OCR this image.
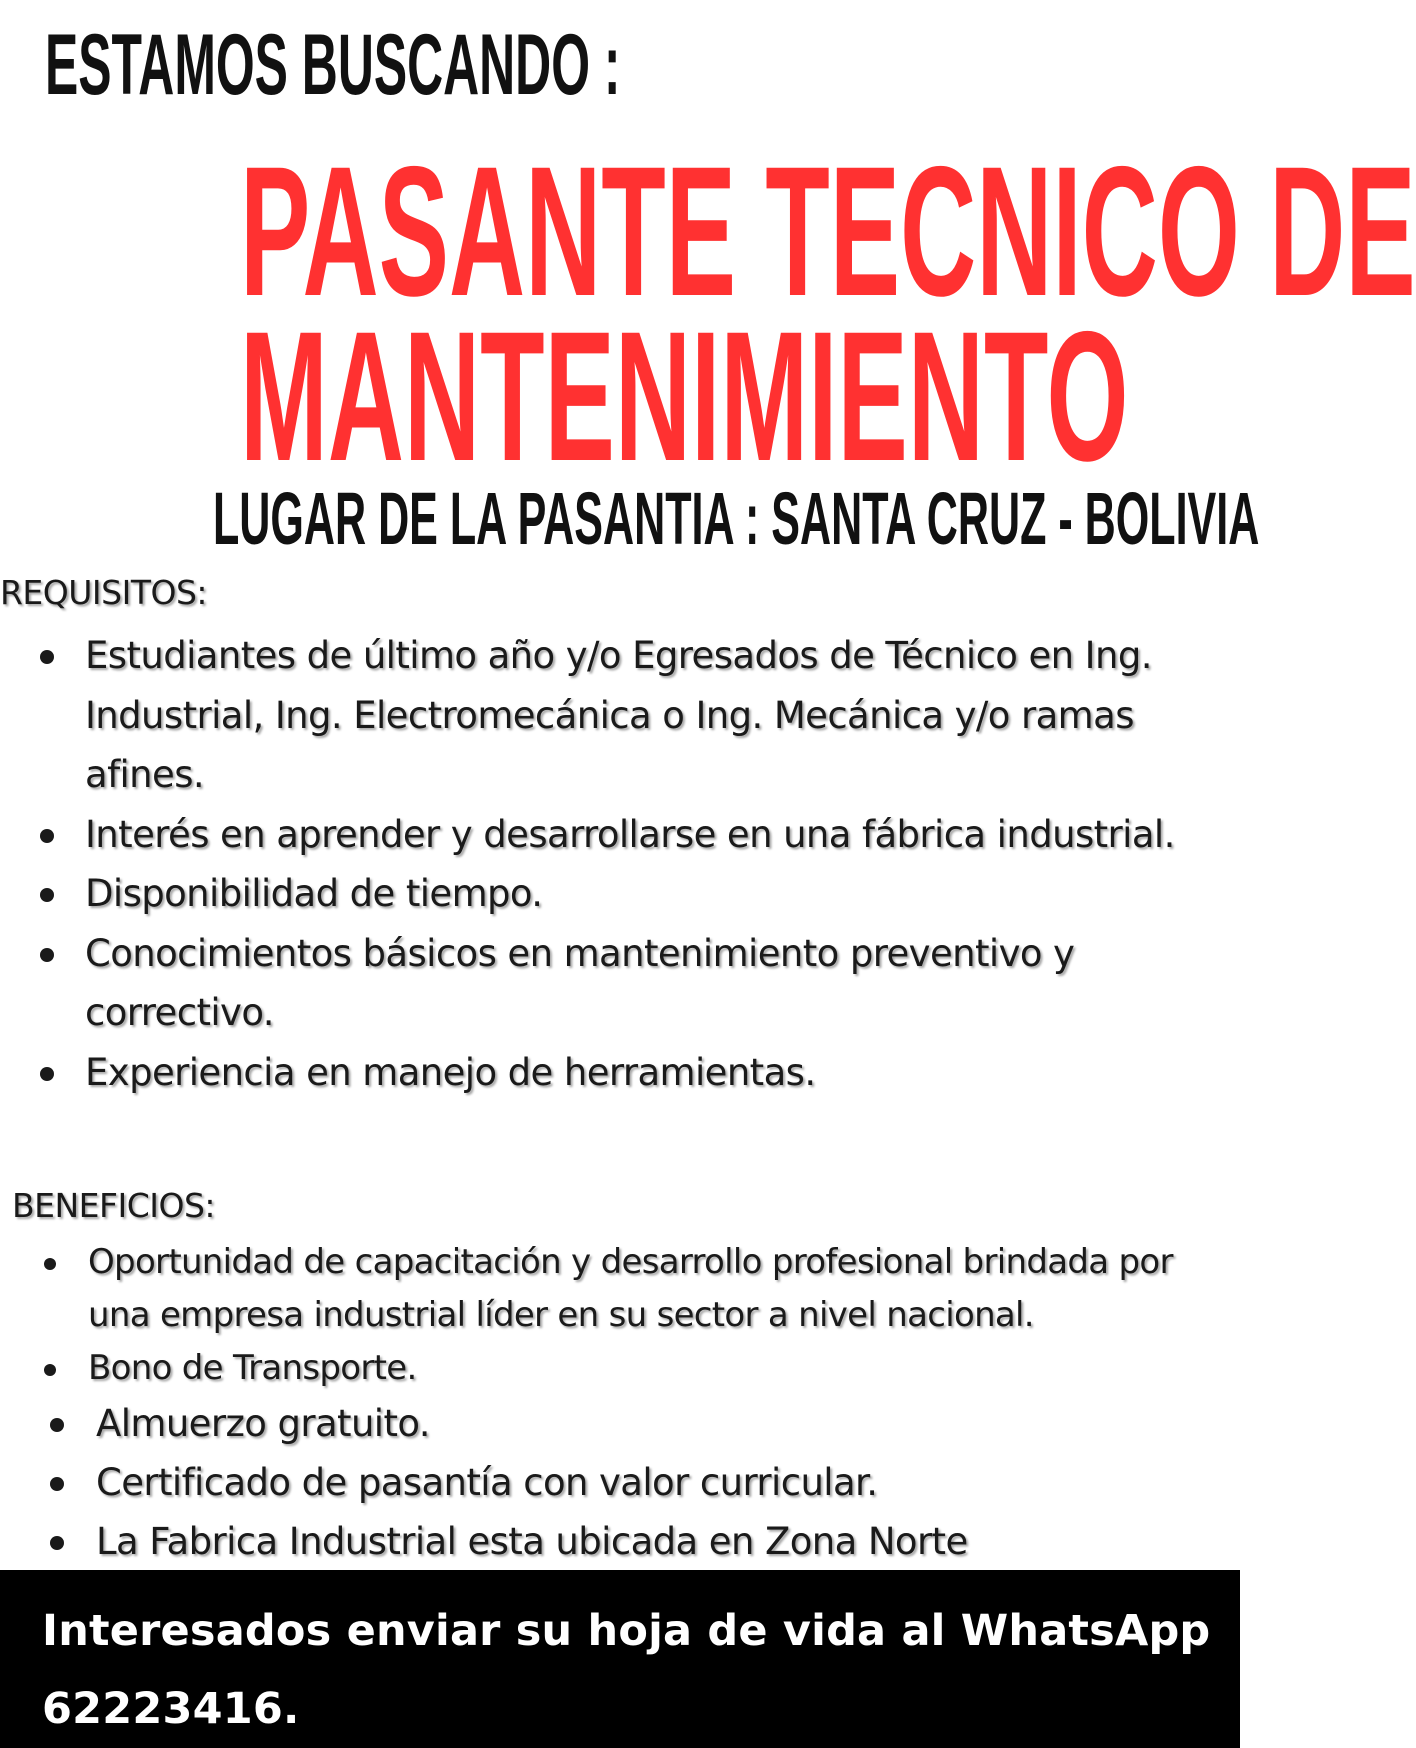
ESTAMOS BUSCANDO :
PASANTE TECNICO DE
MANTENIMIENTO
LUGAR DE LA PASANTIA : SANTA CRUZ - BOLIVIA
REQUISITOS:
Estudiantes de último año y/o Egresados de Técnico en Ing. Industrial, Ing. Electromecánica o Ing. Mecánica y/o ramas afines.
Interés en aprender y desarrollarse en una fábrica industrial.
Disponibilidad de tiempo.
Conocimientos básicos en mantenimiento preventivo y correctivo.
Experiencia en manejo de herramientas.
BENEFICIOS:
Oportunidad de capacitación y desarrollo profesional brindada por una empresa industrial líder en su sector a nivel nacional.
Bono de Transporte.
Almuerzo gratuito.
Certificado de pasantía con valor curricular.
La Fabrica Industrial esta ubicada en Zona Norte
Interesados enviar su hoja de vida al WhatsApp 62223416.
